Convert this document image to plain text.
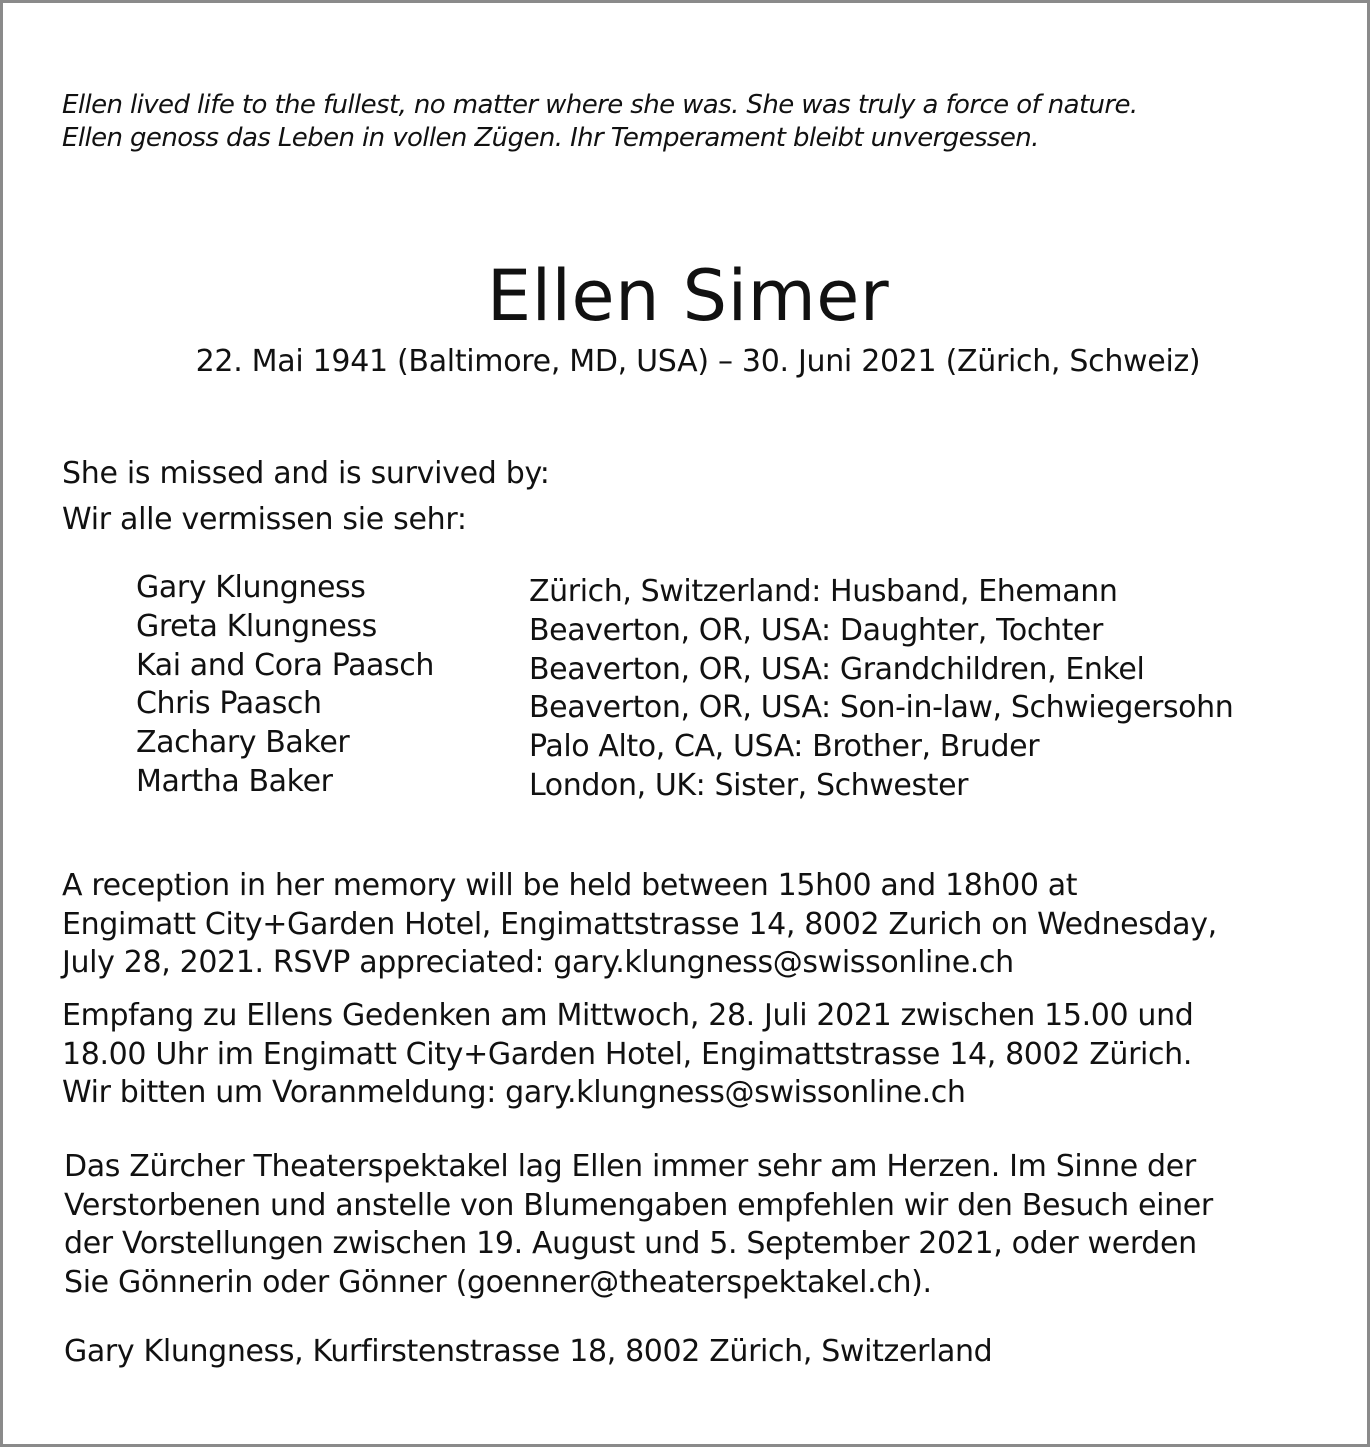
Ellen lived life to the fullest, no matter where she was. She was truly a force of nature.
Ellen genoss das Leben in vollen Zügen. Ihr Temperament bleibt unvergessen.
Ellen Simer
22. Mai 1941 (Baltimore, MD, USA) – 30. Juni 2021 (Zürich, Schweiz)
She is missed and is survived by:
Wir alle vermissen sie sehr:
Gary Klungness	Zürich, Switzerland: Husband, Ehemann
Greta Klungness	Beaverton, OR, USA: Daughter, Tochter
Kai and Cora Paasch	Beaverton, OR, USA: Grandchildren, Enkel
Chris Paasch	Beaverton, OR, USA: Son-in-law, Schwiegersohn
Zachary Baker	Palo Alto, CA, USA: Brother, Bruder
Martha Baker	London, UK: Sister, Schwester
A reception in her memory will be held between 15h00 and 18h00 at
Engimatt City+Garden Hotel, Engimattstrasse 14, 8002 Zurich on Wednesday,
July 28, 2021. RSVP appreciated: gary.klungness@swissonline.ch
Empfang zu Ellens Gedenken am Mittwoch, 28. Juli 2021 zwischen 15.00 und
18.00 Uhr im Engimatt City+Garden Hotel, Engimattstrasse 14, 8002 Zürich.
Wir bitten um Voranmeldung: gary.klungness@swissonline.ch
Das Zürcher Theaterspektakel lag Ellen immer sehr am Herzen. Im Sinne der
Verstorbenen und anstelle von Blumengaben empfehlen wir den Besuch einer
der Vorstellungen zwischen 19. August und 5. September 2021, oder werden
Sie Gönnerin oder Gönner (goenner@theaterspektakel.ch).
Gary Klungness, Kurfirstenstrasse 18, 8002 Zürich, Switzerland
